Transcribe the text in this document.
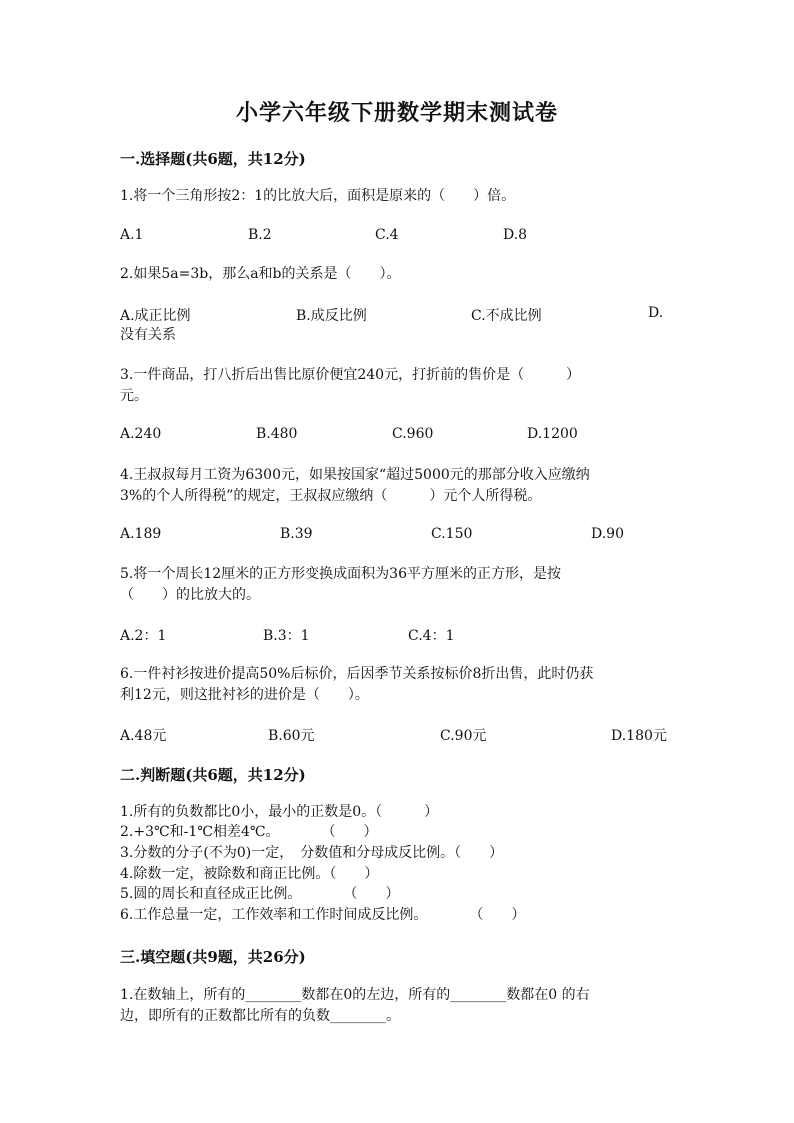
小学六年级下册数学期末测试卷
一.选择题(共6题，共12分)
1.将一个三角形按2：1的比放大后，面积是原来的（　　）倍。
A.1	B.2	C.4	D.8
2.如果5a=3b，那么a和b的关系是（　　）。
A.成正比例	B.成反比例	C.不成比例	D.
没有关系
3.一件商品，打八折后出售比原价便宜240元，打折前的售价是（　　　）
元。
A.240	B.480	C.960	D.1200
4.王叔叔每月工资为6300元，如果按国家“超过5000元的那部分收入应缴纳
3%的个人所得税”的规定，王叔叔应缴纳（　　　）元个人所得税。
A.189	B.39	C.150	D.90
5.将一个周长12厘米的正方形变换成面积为36平方厘米的正方形，是按
（　　）的比放大的。
A.2：1	B.3：1	C.4：1
6.一件衬衫按进价提高50%后标价，后因季节关系按标价8折出售，此时仍获
利12元，则这批衬衫的进价是（　　）。
A.48元	B.60元	C.90元	D.180元
二.判断题(共6题，共12分)
1.所有的负数都比0小，最小的正数是0。（　　　）
2.+3℃和-1℃相差4℃。　　　　（　　）
3.分数的分子(不为0)一定，　分数值和分母成反比例。（　　）
4.除数一定，被除数和商正比例。（　　）
5.圆的周长和直径成正比例。　　　　（　　）
6.工作总量一定，工作效率和工作时间成反比例。　　　　（　　）
三.填空题(共9题，共26分)
1.在数轴上，所有的________数都在0的左边，所有的________数都在0 的右
边，即所有的正数都比所有的负数________。
